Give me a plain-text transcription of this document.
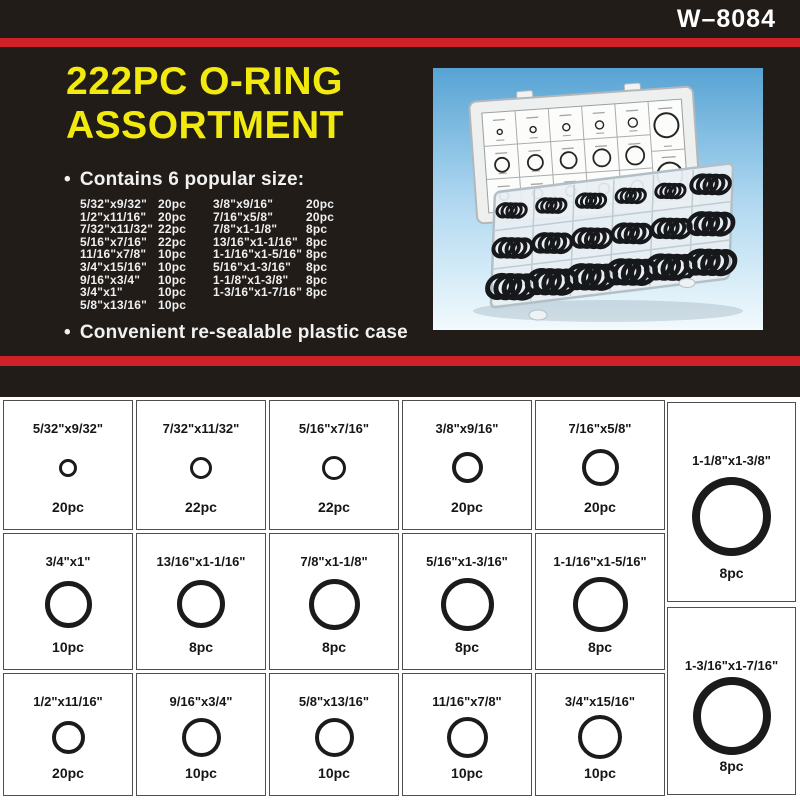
W–8084
222PC O-RING
ASSORTMENT
• Contains 6 popular size:
5/32"x9/32" 20pc
1/2"x11/16" 20pc
7/32"x11/32" 22pc
5/16"x7/16" 22pc
11/16"x7/8" 10pc
3/4"x15/16" 10pc
9/16"x3/4"	10pc
3/4"x1"	10pc
5/8"x13/16" 10pc
3/8"x9/16"	20pc
7/16"x5/8"	20pc
7/8"x1-1/8"	8pc
13/16"x1-1/16" 8pc
1-1/16"x1-5/16" 8pc
5/16"x1-3/16"	8pc
1-1/8"x1-3/8"	8pc
1-3/16"x1-7/16" 8pc
• Convenient re-sealable plastic case
5/32"x9/32"
20pc
7/32"x11/32"
22pc
5/16"x7/16"
22pc
3/8"x9/16"
20pc
7/16"x5/8"
20pc
3/4"x1"
10pc
13/16"x1-1/16"
8pc
7/8"x1-1/8"
8pc
5/16"x1-3/16"
8pc
1-1/16"x1-5/16"
8pc
1/2"x11/16"
20pc
9/16"x3/4"
10pc
5/8"x13/16"
10pc
11/16"x7/8"
10pc
3/4"x15/16"
10pc
1-1/8"x1-3/8"
8pc
1-3/16"x1-7/16"
8pc
